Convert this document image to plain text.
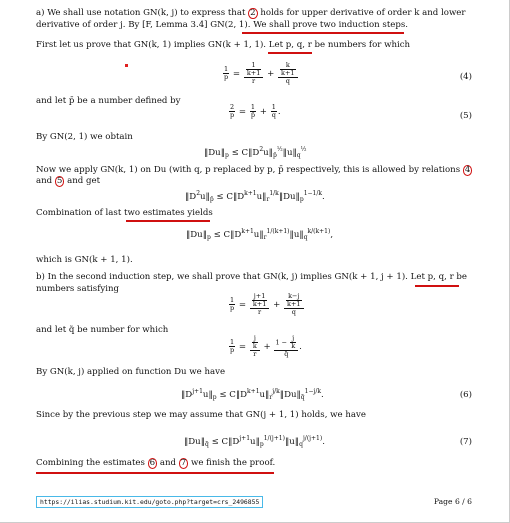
a) We shall use notation GN(k, j) to express that 2 holds for upper derivative of order k and lower
derivative of order j. By [F, Lemma 3.4] GN(2, 1). We shall prove two induction steps.
First let us prove that GN(k, 1) implies GN(k + 1, 1). Let p, q, r be numbers for which
$\frac{1}{p} = \frac{\frac{1}{k+1}}{r} + \frac{\frac{k}{k+1}}{q}$	(4)
and let p̄ be a number defined by
$\frac{2}{p} = \frac{1}{p̄} + \frac{1}{q}$ .	(5)
By GN(2, 1) we obtain
$‖Du‖_p$ ≤ $C‖D^2u‖_{p̄}^{\frac{1}{2}}‖u‖_q^{\frac{1}{2}}$
Now we apply GN(k, 1) on Du (with q, p replaced by p, p̄ respectively, this is allowed by relations 4
and 5 and get
$‖D^2u‖_{p̄}$ ≤ $C‖D^{k+1}u‖_r^{1/k}‖Du‖_p^{1-1/k}$.
Combination of last two estimates yields
$‖Du‖_p$ ≤ $C‖D^{k+1}u‖_r^{1/(k+1)}‖u‖_q^{k/(k+1)}$,
which is GN(k + 1, 1).
b) In the second induction step, we shall prove that GN(k, j) implies GN(k + 1, j + 1). Let p, q, r be
numbers satisfying
$\frac{1}{p} = \frac{\frac{j+1}{k+1}}{r} + \frac{\frac{k-j}{k+1}}{q}$
and let q̃ be number for which
$\frac{1}{p} = \frac{\frac{j}{k}}{r} + \frac{1 - \frac{j}{k}}{q̃}$ .
By GN(k, j) applied on function Du we have
$‖D^{j+1}u‖_p$ ≤ $C‖D^{k+1}u‖_r^{j/k}‖Du‖_{q̃}^{1-j/k}$.	(6)
Since by the previous step we may assume that GN(j + 1, 1) holds, we have
$‖Du‖_{q̃}$ ≤ $C‖D^{j+1}u‖_p^{1/(j+1)}‖u‖_q^{j/(j+1)}$.	(7)
Combining the estimates 6 and 7 we finish the proof.
https://ilias.studium.kit.edu/goto.php?target=crs_2496855	Page 6 / 6
